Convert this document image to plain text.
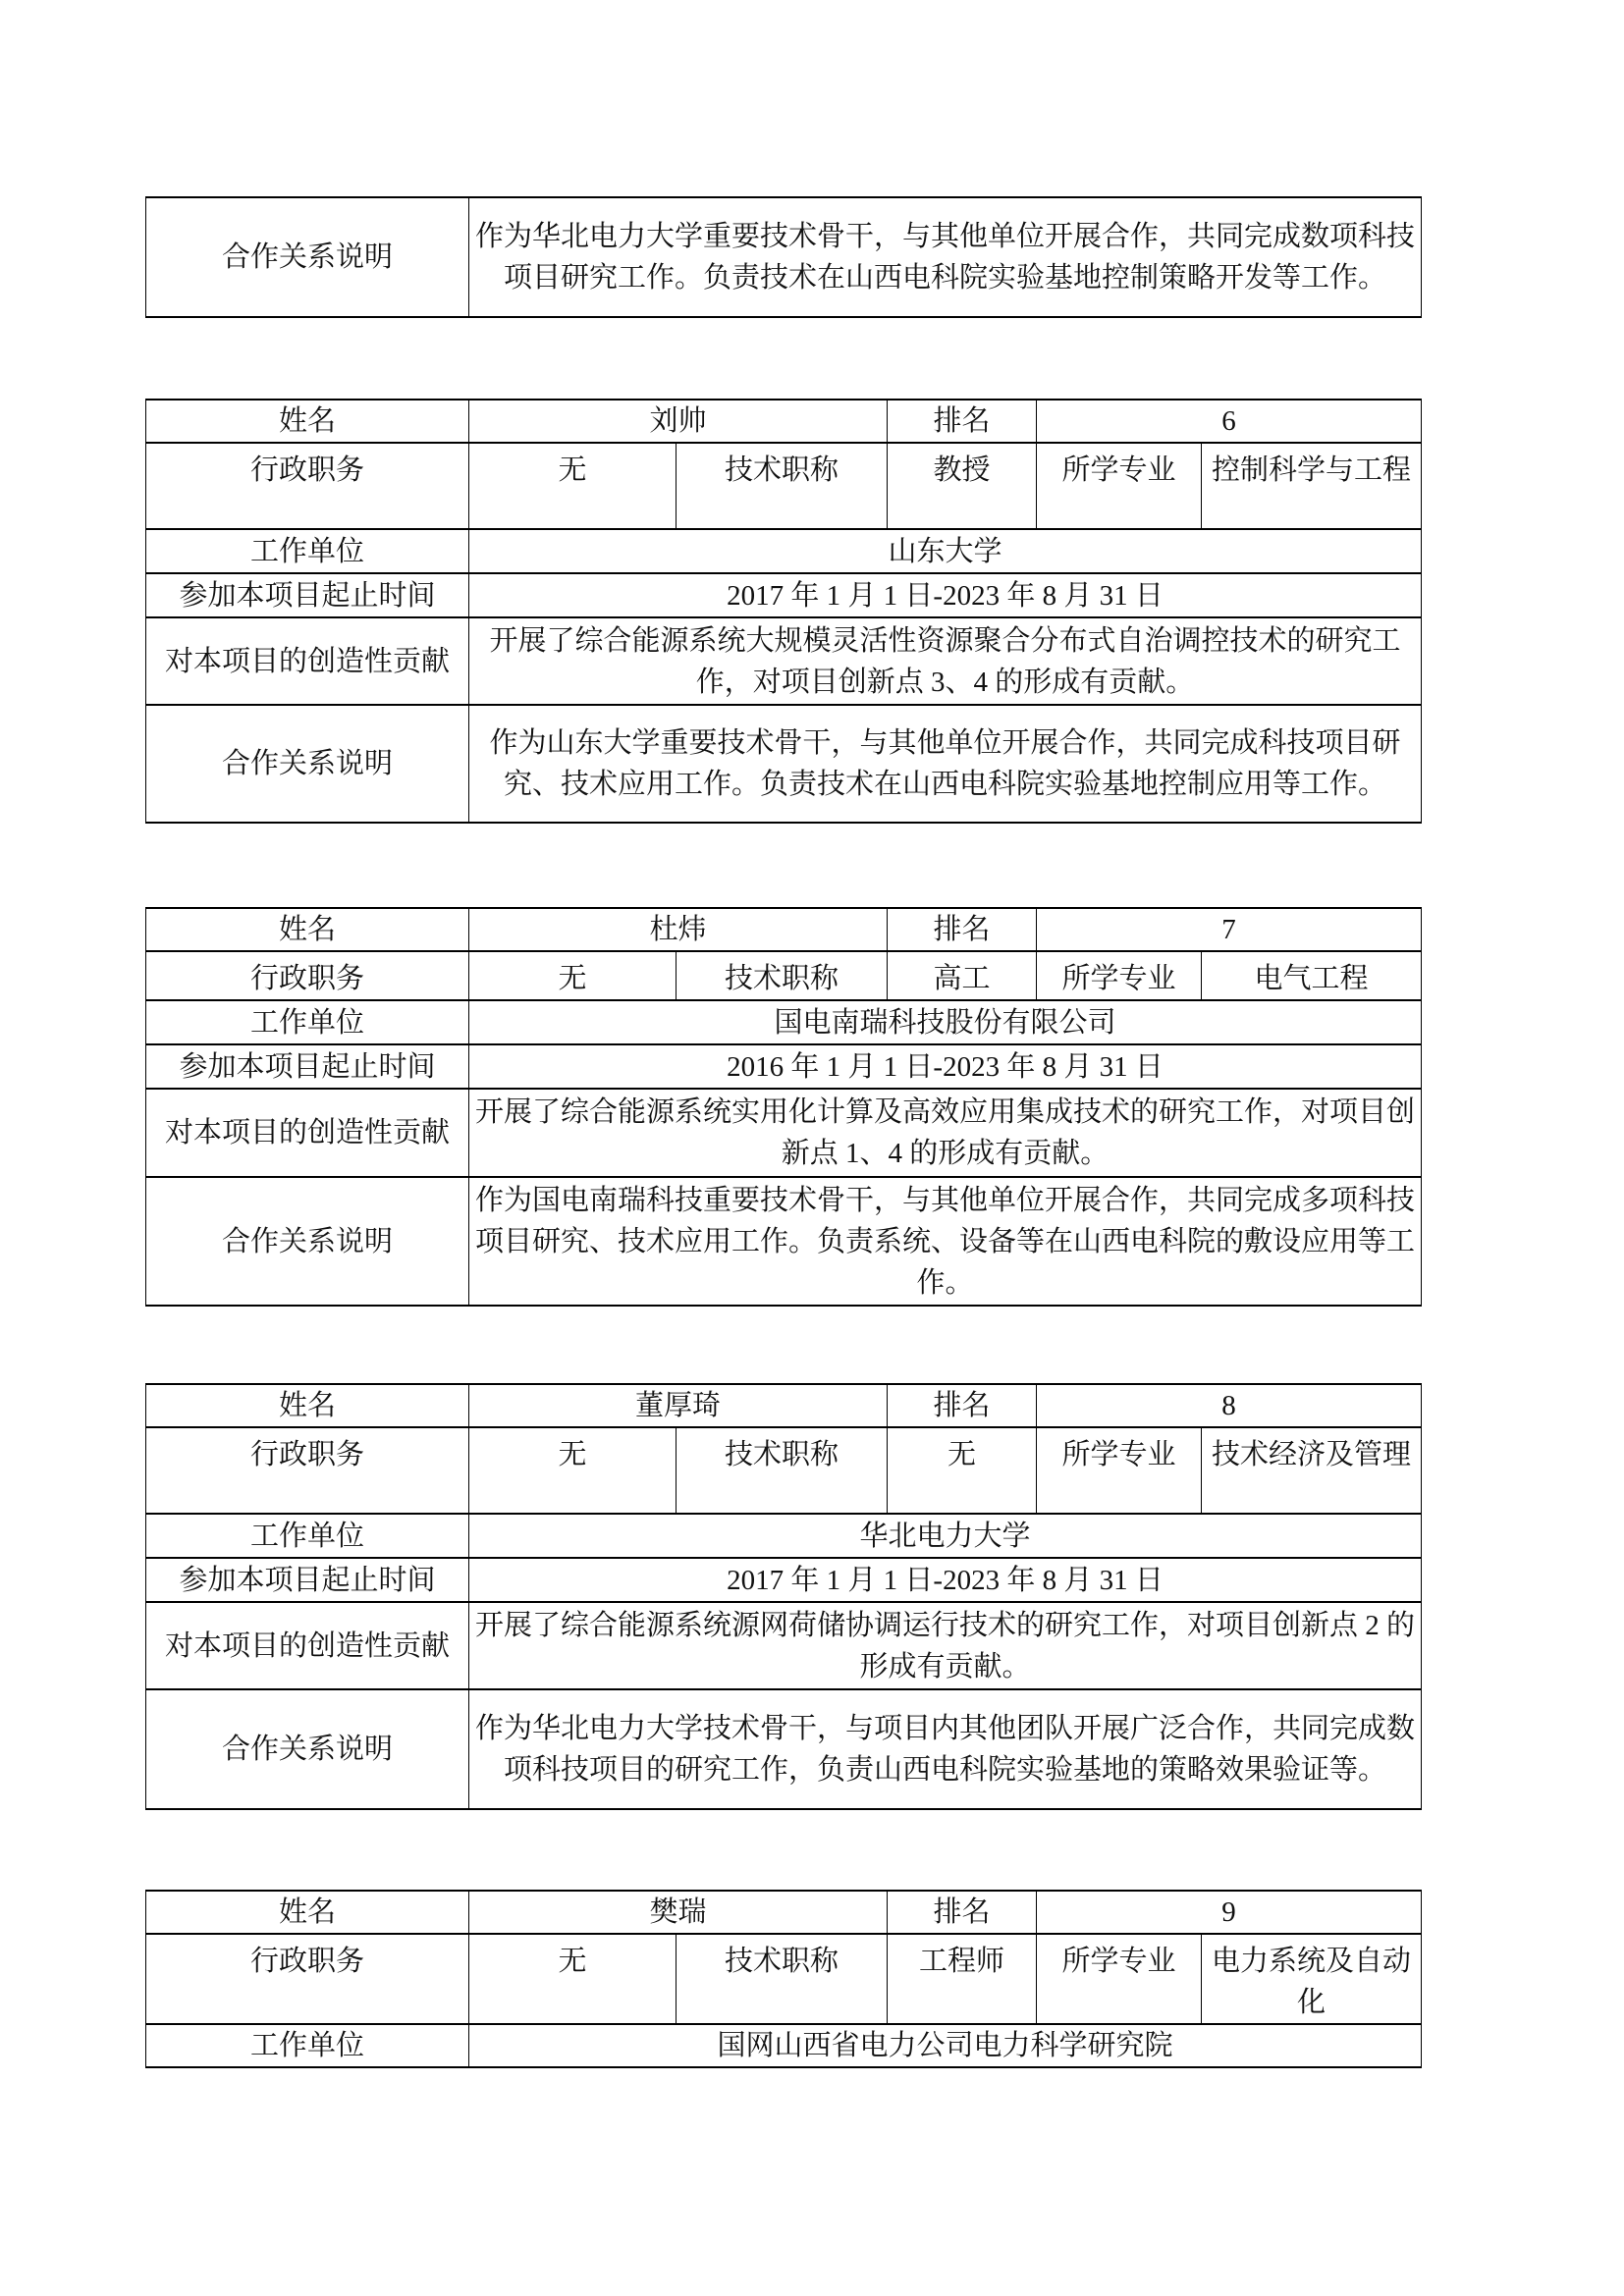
合作关系说明	作为华北电力大学重要技术骨干，与其他单位开展合作，共同完成数项科技项目研究工作。负责技术在山西电科院实验基地控制策略开发等工作。
姓名	刘帅		排名	6	
行政职务	无	技术职称	教授	所学专业	控制科学与工程
工作单位	山东大学				
参加本项目起止时间	2017 年 1 月 1 日-2023 年 8 月 31 日				
对本项目的创造性贡献	开展了综合能源系统大规模灵活性资源聚合分布式自治调控技术的研究工作，对项目创新点 3、4 的形成有贡献。				
合作关系说明	作为山东大学重要技术骨干，与其他单位开展合作，共同完成科技项目研究、技术应用工作。负责技术在山西电科院实验基地控制应用等工作。				
姓名	杜炜		排名	7	
行政职务	无	技术职称	高工	所学专业	电气工程
工作单位	国电南瑞科技股份有限公司				
参加本项目起止时间	2016 年 1 月 1 日-2023 年 8 月 31 日				
对本项目的创造性贡献	开展了综合能源系统实用化计算及高效应用集成技术的研究工作，对项目创新点 1、4 的形成有贡献。				
合作关系说明	作为国电南瑞科技重要技术骨干，与其他单位开展合作，共同完成多项科技项目研究、技术应用工作。负责系统、设备等在山西电科院的敷设应用等工作。				
姓名	董厚琦		排名	8	
行政职务	无	技术职称	无	所学专业	技术经济及管理
工作单位	华北电力大学				
参加本项目起止时间	2017 年 1 月 1 日-2023 年 8 月 31 日				
对本项目的创造性贡献	开展了综合能源系统源网荷储协调运行技术的研究工作，对项目创新点 2 的形成有贡献。				
合作关系说明	作为华北电力大学技术骨干，与项目内其他团队开展广泛合作，共同完成数项科技项目的研究工作，负责山西电科院实验基地的策略效果验证等。				
姓名	樊瑞		排名	9	
行政职务	无	技术职称	工程师	所学专业	电力系统及自动化
工作单位	国网山西省电力公司电力科学研究院				
